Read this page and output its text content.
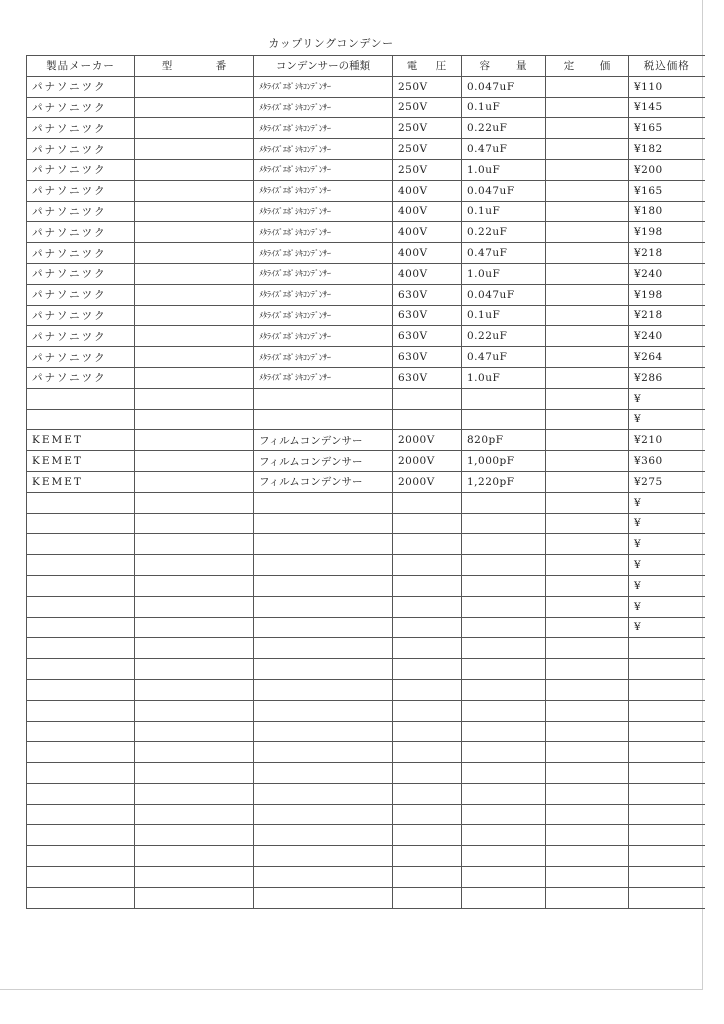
カップリングコンデンー
製品メーカー	型 番	コンデンサーの種類	電 圧	容 量	定 価	税込価格
パナソニツク		ﾒﾀﾗｲｽﾞｴﾎﾟｼｷｺﾝﾃﾞﾝｻｰ	250V	0.047uF		¥110
パナソニツク		ﾒﾀﾗｲｽﾞｴﾎﾟｼｷｺﾝﾃﾞﾝｻｰ	250V	0.1uF		¥145
パナソニツク		ﾒﾀﾗｲｽﾞｴﾎﾟｼｷｺﾝﾃﾞﾝｻｰ	250V	0.22uF		¥165
パナソニツク		ﾒﾀﾗｲｽﾞｴﾎﾟｼｷｺﾝﾃﾞﾝｻｰ	250V	0.47uF		¥182
パナソニツク		ﾒﾀﾗｲｽﾞｴﾎﾟｼｷｺﾝﾃﾞﾝｻｰ	250V	1.0uF		¥200
パナソニツク		ﾒﾀﾗｲｽﾞｴﾎﾟｼｷｺﾝﾃﾞﾝｻｰ	400V	0.047uF		¥165
パナソニツク		ﾒﾀﾗｲｽﾞｴﾎﾟｼｷｺﾝﾃﾞﾝｻｰ	400V	0.1uF		¥180
パナソニツク		ﾒﾀﾗｲｽﾞｴﾎﾟｼｷｺﾝﾃﾞﾝｻｰ	400V	0.22uF		¥198
パナソニツク		ﾒﾀﾗｲｽﾞｴﾎﾟｼｷｺﾝﾃﾞﾝｻｰ	400V	0.47uF		¥218
パナソニツク		ﾒﾀﾗｲｽﾞｴﾎﾟｼｷｺﾝﾃﾞﾝｻｰ	400V	1.0uF		¥240
パナソニツク		ﾒﾀﾗｲｽﾞｴﾎﾟｼｷｺﾝﾃﾞﾝｻｰ	630V	0.047uF		¥198
パナソニツク		ﾒﾀﾗｲｽﾞｴﾎﾟｼｷｺﾝﾃﾞﾝｻｰ	630V	0.1uF		¥218
パナソニツク		ﾒﾀﾗｲｽﾞｴﾎﾟｼｷｺﾝﾃﾞﾝｻｰ	630V	0.22uF		¥240
パナソニツク		ﾒﾀﾗｲｽﾞｴﾎﾟｼｷｺﾝﾃﾞﾝｻｰ	630V	0.47uF		¥264
パナソニツク		ﾒﾀﾗｲｽﾞｴﾎﾟｼｷｺﾝﾃﾞﾝｻｰ	630V	1.0uF		¥286
						¥
						¥
KEMET		フィルムコンデンサー	2000V	820pF		¥210
KEMET		フィルムコンデンサー	2000V	1,000pF		¥360
KEMET		フィルムコンデンサー	2000V	1,220pF		¥275
						¥
						¥
						¥
						¥
						¥
						¥
						¥
